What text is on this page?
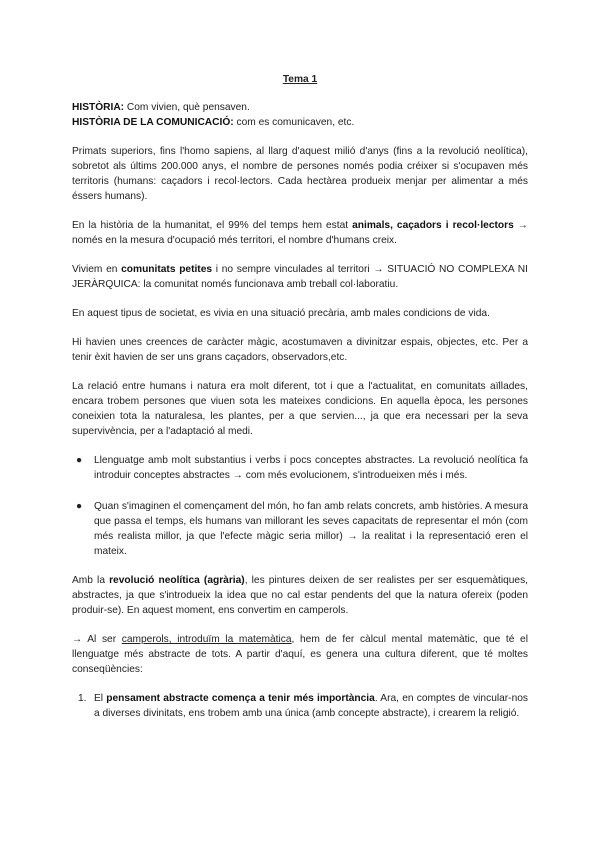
Tema 1

HISTÒRIA: Com vivien, què pensaven.

HISTÒRIA DE LA COMUNICACIÓ: com es comunicaven, etc.

Primats superiors, fins l'homo sapiens, al llarg d'aquest milió d'anys (fins a la revolució neolítica), sobretot als últims 200.000 anys, el nombre de persones només podia créixer si s'ocupaven més territoris (humans: caçadors i recol·lectors. Cada hectàrea produeix menjar per alimentar a més éssers humans).

En la història de la humanitat, el 99% del temps hem estat animals, caçadors i recol·lectors → només en la mesura d'ocupació més territori, el nombre d'humans creix.

Viviem en comunitats petites i no sempre vinculades al territori → SITUACIÓ NO COMPLEXA NI JERÀRQUICA: la comunitat només funcionava amb treball col·laboratiu.

En aquest tipus de societat, es vivia en una situació precària, amb males condicions de vida.

Hi havien unes creences de caràcter màgic, acostumaven a divinitzar espais, objectes, etc. Per a tenir èxit havien de ser uns grans caçadors, observadors,etc.

La relació entre humans i natura era molt diferent, tot i que a l'actualitat, en comunitats aïllades, encara trobem persones que viuen sota les mateixes condicions. En aquella època, les persones coneixien tota la naturalesa, les plantes, per a que servien..., ja que era necessari per la seva supervivència, per a l'adaptació al medi.

● Llenguatge amb molt substantius i verbs i pocs conceptes abstractes. La revolució neolítica fa introduir conceptes abstractes → com més evolucionem, s'introdueixen més i més.
● Quan s'imaginen el començament del món, ho fan amb relats concrets, amb històries. A mesura que passa el temps, els humans van millorant les seves capacitats de representar el món (com més realista millor, ja que l'efecte màgic seria millor) → la realitat i la representació eren el mateix.

Amb la revolució neolítica (agrària), les pintures deixen de ser realistes per ser esquemàtiques, abstractes, ja que s'introdueix la idea que no cal estar pendents del que la natura ofereix (poden produir-se). En aquest moment, ens convertim en camperols.

→ Al ser camperols, introduïm la matemàtica, hem de fer càlcul mental matemàtic, que té el llenguatge més abstracte de tots. A partir d'aquí, es genera una cultura diferent, que té moltes conseqüències:

1. El pensament abstracte comença a tenir més importància. Ara, en comptes de vincular-nos a diverses divinitats, ens trobem amb una única (amb concepte abstracte), i crearem la religió.
